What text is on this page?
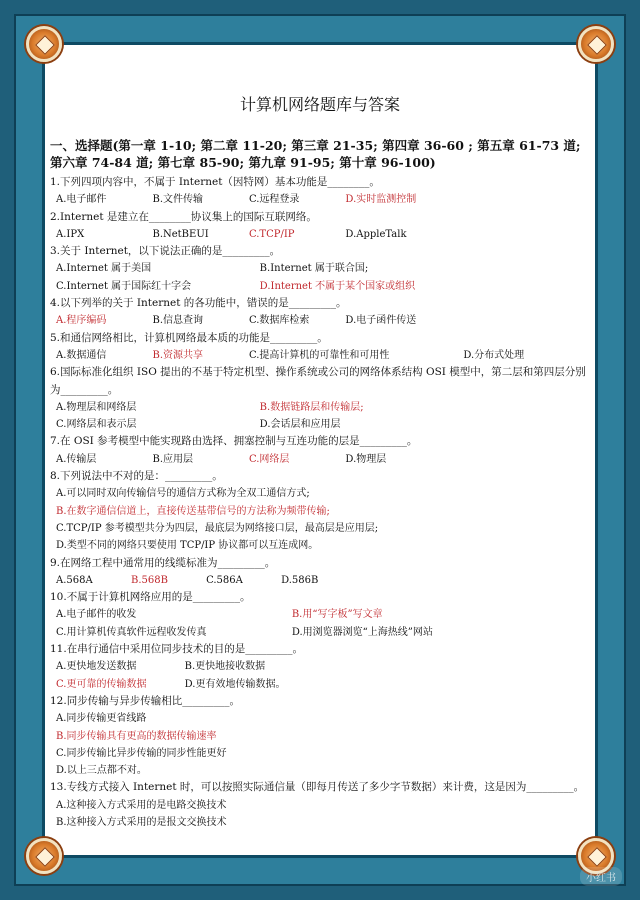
计算机网络题库与答案
一、选择题(第一章 1-10; 第二章 11-20; 第三章 21-35; 第四章 36-60 ; 第五章 61-73 道; 第六章 74-84 道; 第七章 85-90; 第九章 91-95; 第十章 96-100)

1.下列四项内容中，不属于 Internet（因特网）基本功能是________。

A.电子邮件	B.文件传输	C.远程登录	D.实时监测控制

2.Internet 是建立在________协议集上的国际互联网络。

A.IPX	B.NetBEUI	C.TCP/IP	D.AppleTalk

3.关于 Internet，以下说法正确的是_________。

A.Internet 属于美国	B.Internet 属于联合国;
C.Internet 属于国际红十字会	D.Internet 不属于某个国家或组织

4.以下列举的关于 Internet 的各功能中，错误的是_________。

A.程序编码	B.信息查询	C.数据库检索	D.电子函件传送

5.和通信网络相比，计算机网络最本质的功能是_________。

A.数据通信	B.资源共享	C.提高计算机的可靠性和可用性	D.分布式处理

6.国际标准化组织 ISO 提出的不基于特定机型、操作系统或公司的网络体系结构 OSI 模型中，第二层和第四层分别为_________。

A.物理层和网络层	B.数据链路层和传输层;
C.网络层和表示层	D.会话层和应用层

7.在 OSI 参考模型中能实现路由选择、拥塞控制与互连功能的层是_________。

A.传输层	B.应用层	C.网络层	D.物理层

8.下列说法中不对的是：_________。

A.可以同时双向传输信号的通信方式称为全双工通信方式;
B.在数字通信信道上，直接传送基带信号的方法称为频带传输;
C.TCP/IP 参考模型共分为四层，最底层为网络接口层，最高层是应用层;
D.类型不同的网络只要使用 TCP/IP 协议都可以互连成网。

9.在网络工程中通常用的线缆标准为_________。

A.568A	B.568B	C.586A	D.586B

10.不属于计算机网络应用的是_________。

A.电子邮件的收发	B.用“写字板”写文章
C.用计算机传真软件远程收发传真	D.用浏览器浏览“上海热线”网站

11.在串行通信中采用位同步技术的目的是_________。

A.更快地发送数据	B.更快地接收数据
C.更可靠的传输数据	D.更有效地传输数据。

12.同步传输与异步传输相比_________。

A.同步传输更省线路
B.同步传输具有更高的数据传输速率
C.同步传输比异步传输的同步性能更好
D.以上三点都不对。

13.专线方式接入 Internet 时，可以按照实际通信量（即每月传送了多少字节数据）来计费，这是因为_________。

A.这种接入方式采用的是电路交换技术
B.这种接入方式采用的是报文交换技术
小红书
